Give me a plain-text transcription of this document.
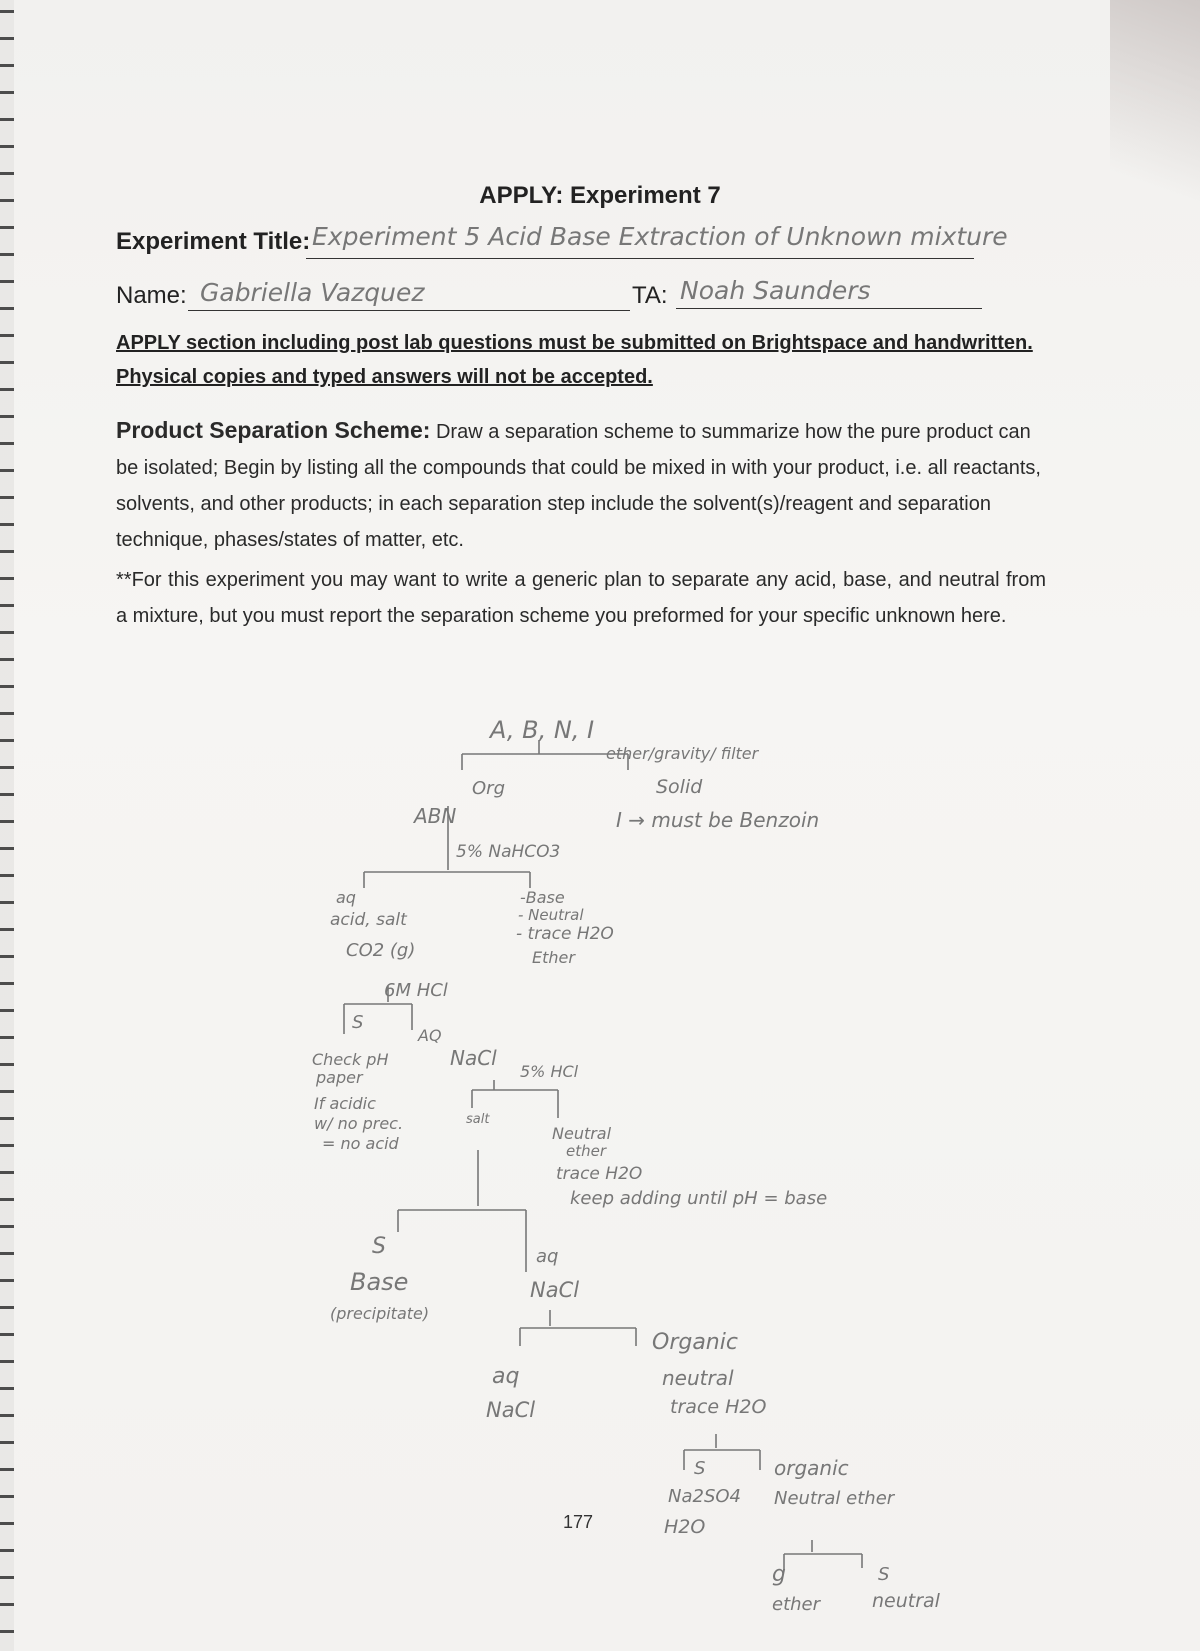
APPLY: Experiment 7
Experiment Title: Experiment 5 Acid Base Extraction of Unknown mixture
Name: Gabriella Vazquez	TA: Noah Saunders
APPLY section including post lab questions must be submitted on Brightspace and handwritten.
Physical copies and typed answers will not be accepted.
Product Separation Scheme: Draw a separation scheme to summarize how the pure product can be isolated; Begin by listing all the compounds that could be mixed in with your product, i.e. all reactants, solvents, and other products; in each separation step include the solvent(s)/reagent and separation technique, phases/states of matter, etc.
**For this experiment you may want to write a generic plan to separate any acid, base, and neutral from a mixture, but you must report the separation scheme you preformed for your specific unknown here.
A, B, N, I
ether/gravity/ filter
Org	Solid
ABN	I → must be Benzoin
5% NaHCO3
aq
acid, salt
CO2 (g)
-Base
- Neutral
- trace H2O
Ether
6M HCl
S
AQ
NaCl
5% HCl
Check pH
paper
If acidic
w/ no prec.
= no acid
salt
Neutral
ether
trace H2O
keep adding until pH = base
S
Base
(precipitate)
aq
NaCl
Organic
neutral
trace H2O
aq
NaCl
S
Na2SO4
H2O
organic
Neutral ether
g
ether
S
neutral
177
